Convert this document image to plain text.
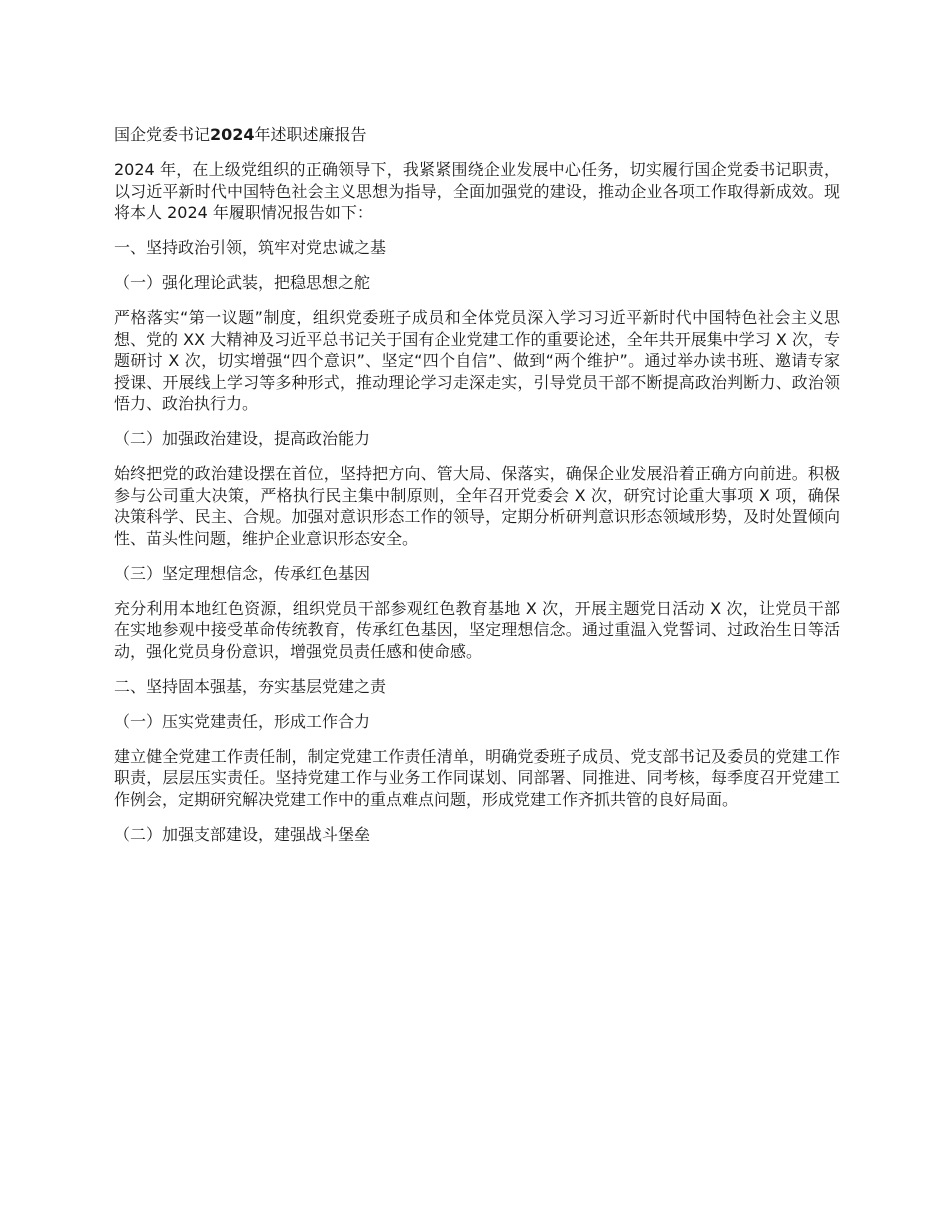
国企党委书记2024年述职述廉报告

2024 年，在上级党组织的正确领导下，我紧紧围绕企业发展中心任务，切实履行国企党委书记职责，以习近平新时代中国特色社会主义思想为指导，全面加强党的建设，推动企业各项工作取得新成效。现将本人 2024 年履职情况报告如下：

一、坚持政治引领，筑牢对党忠诚之基

（一）强化理论武装，把稳思想之舵

严格落实“第一议题”制度，组织党委班子成员和全体党员深入学习习近平新时代中国特色社会主义思想、党的 XX 大精神及习近平总书记关于国有企业党建工作的重要论述，全年共开展集中学习 X 次，专题研讨 X 次，切实增强“四个意识”、坚定“四个自信”、做到“两个维护”。通过举办读书班、邀请专家授课、开展线上学习等多种形式，推动理论学习走深走实，引导党员干部不断提高政治判断力、政治领悟力、政治执行力。

（二）加强政治建设，提高政治能力

始终把党的政治建设摆在首位，坚持把方向、管大局、保落实，确保企业发展沿着正确方向前进。积极参与公司重大决策，严格执行民主集中制原则，全年召开党委会 X 次，研究讨论重大事项 X 项，确保决策科学、民主、合规。加强对意识形态工作的领导，定期分析研判意识形态领域形势，及时处置倾向性、苗头性问题，维护企业意识形态安全。

（三）坚定理想信念，传承红色基因

充分利用本地红色资源，组织党员干部参观红色教育基地 X 次，开展主题党日活动 X 次，让党员干部在实地参观中接受革命传统教育，传承红色基因，坚定理想信念。通过重温入党誓词、过政治生日等活动，强化党员身份意识，增强党员责任感和使命感。

二、坚持固本强基，夯实基层党建之责

（一）压实党建责任，形成工作合力

建立健全党建工作责任制，制定党建工作责任清单，明确党委班子成员、党支部书记及委员的党建工作职责，层层压实责任。坚持党建工作与业务工作同谋划、同部署、同推进、同考核，每季度召开党建工作例会，定期研究解决党建工作中的重点难点问题，形成党建工作齐抓共管的良好局面。

（二）加强支部建设，建强战斗堡垒
